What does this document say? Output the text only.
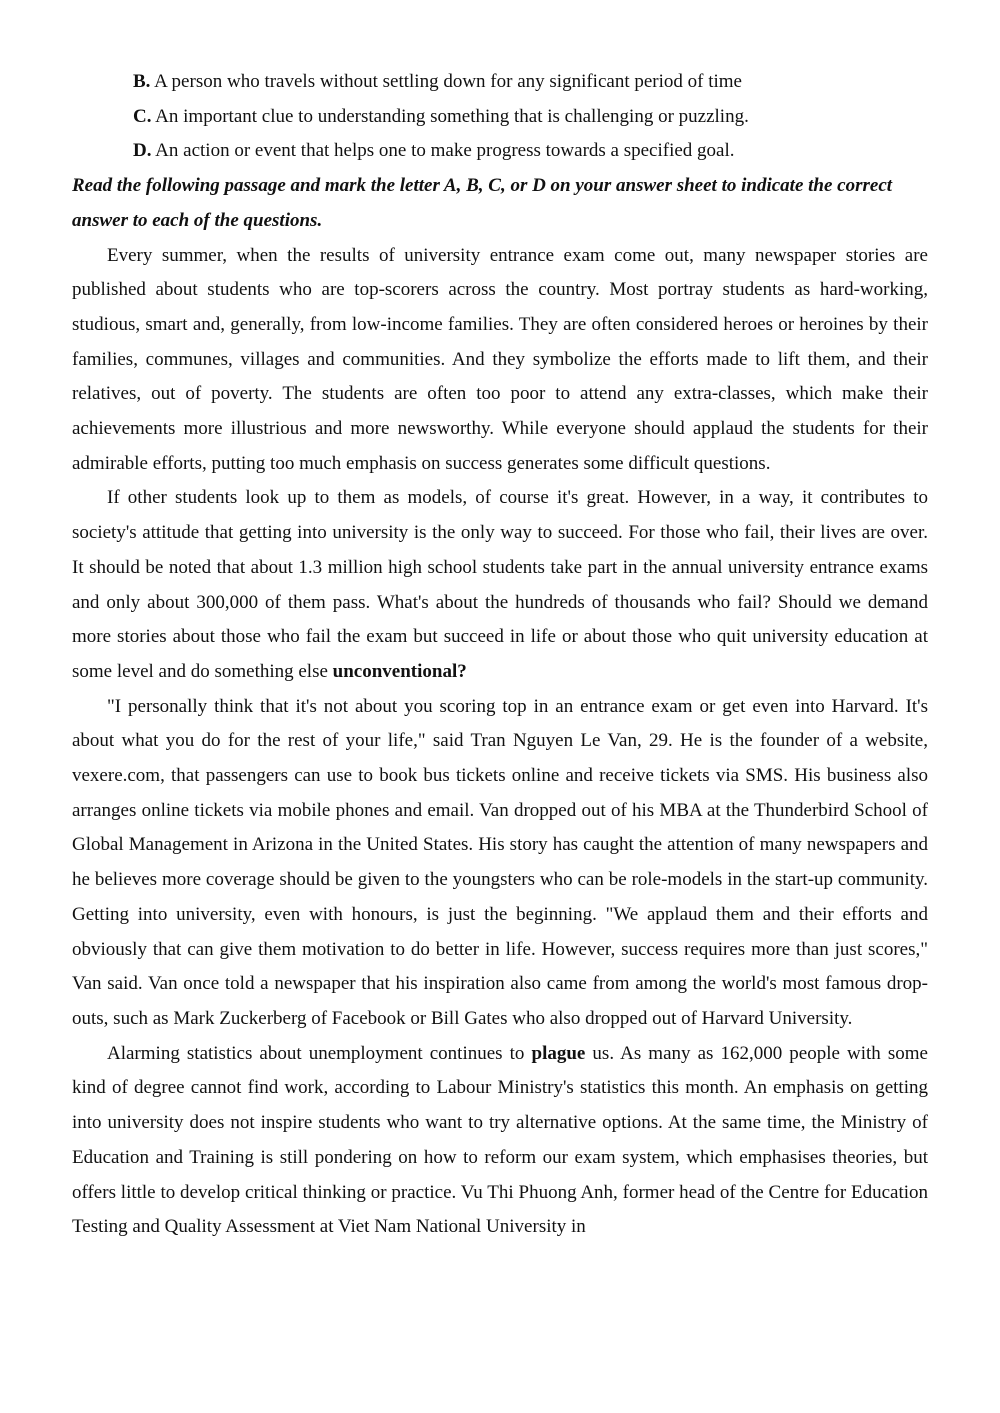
B. A person who travels without settling down for any significant period of time

C. An important clue to understanding something that is challenging or puzzling.

D. An action or event that helps one to make progress towards a specified goal.

Read the following passage and mark the letter A, B, C, or D on your answer sheet to indicate the correct answer to each of the questions.

Every summer, when the results of university entrance exam come out, many newspaper stories are published about students who are top-scorers across the country. Most portray students as hard-working, studious, smart and, generally, from low-income families. They are often considered heroes or heroines by their families, communes, villages and communities. And they symbolize the efforts made to lift them, and their relatives, out of poverty. The students are often too poor to attend any extra-classes, which make their achievements more illustrious and more newsworthy. While everyone should applaud the students for their admirable efforts, putting too much emphasis on success generates some difficult questions.

If other students look up to them as models, of course it's great. However, in a way, it contributes to society's attitude that getting into university is the only way to succeed. For those who fail, their lives are over. It should be noted that about 1.3 million high school students take part in the annual university entrance exams and only about 300,000 of them pass. What's about the hundreds of thousands who fail? Should we demand more stories about those who fail the exam but succeed in life or about those who quit university education at some level and do something else unconventional?

"I personally think that it's not about you scoring top in an entrance exam or get even into Harvard. It's about what you do for the rest of your life," said Tran Nguyen Le Van, 29. He is the founder of a website, vexere.com, that passengers can use to book bus tickets online and receive tickets via SMS. His business also arranges online tickets via mobile phones and email. Van dropped out of his MBA at the Thunderbird School of Global Management in Arizona in the United States. His story has caught the attention of many newspapers and he believes more coverage should be given to the youngsters who can be role-models in the start-up community. Getting into university, even with honours, is just the beginning. "We applaud them and their efforts and obviously that can give them motivation to do better in life. However, success requires more than just scores," Van said. Van once told a newspaper that his inspiration also came from among the world's most famous drop-outs, such as Mark Zuckerberg of Facebook or Bill Gates who also dropped out of Harvard University.

Alarming statistics about unemployment continues to plague us. As many as 162,000 people with some kind of degree cannot find work, according to Labour Ministry's statistics this month. An emphasis on getting into university does not inspire students who want to try alternative options. At the same time, the Ministry of Education and Training is still pondering on how to reform our exam system, which emphasises theories, but offers little to develop critical thinking or practice. Vu Thi Phuong Anh, former head of the Centre for Education Testing and Quality Assessment at Viet Nam National University in
